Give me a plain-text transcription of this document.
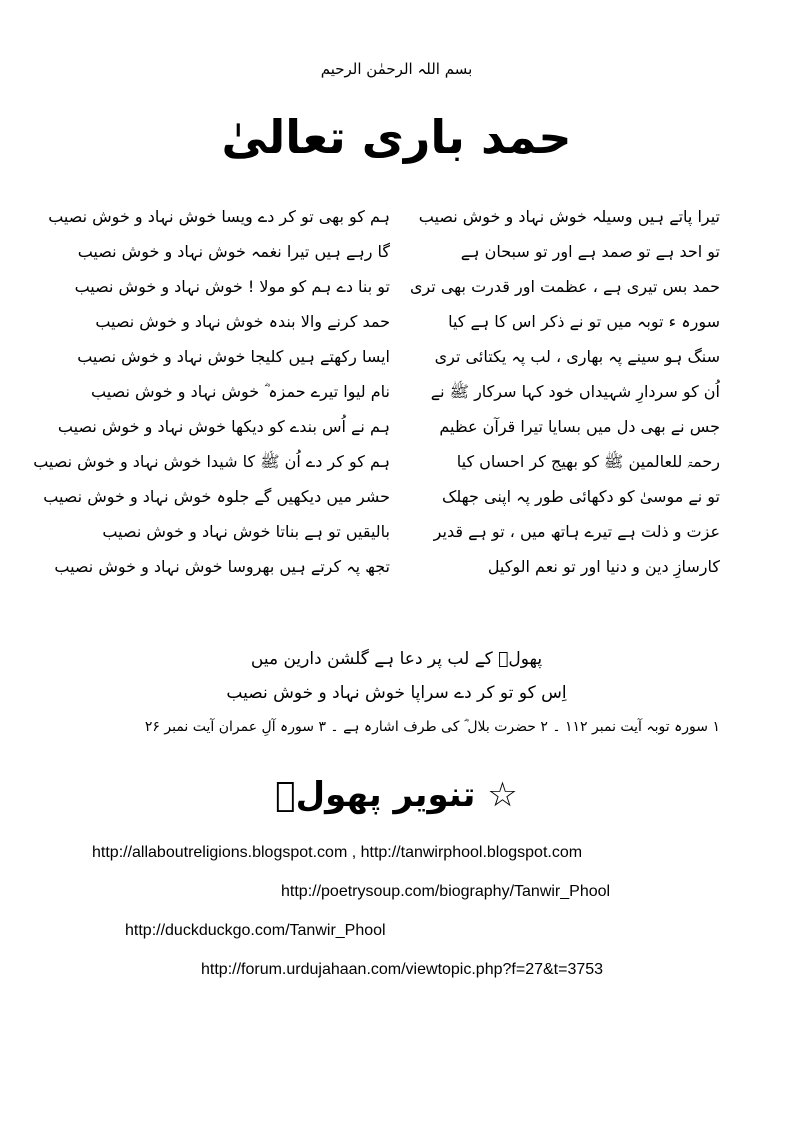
بسم اللہ الرحمٰن الرحیم
حمد باری تعالیٰ
تیرا پاتے ہیں وسیلہ خوش نہاد و خوش نصیب
ہم کو بھی تو کر دے ویسا خوش نہاد و خوش نصیب
تو احد ہے تو صمد ہے اور تو سبحان ہے
گا رہے ہیں تیرا نغمہ خوش نہاد و خوش نصیب
حمد بس تیری ہے ، عظمت اور قدرت بھی تری
تو بنا دے ہم کو مولا ! خوش نہاد و خوش نصیب
سورہ ء توبہ میں تو نے ذکر اس کا ہے کیا
حمد کرنے والا بندہ خوش نہاد و خوش نصیب
سنگ ہو سینے پہ بھاری ، لب پہ یکتائی تری
ایسا رکھتے ہیں کلیجا خوش نہاد و خوش نصیب
اُن کو سردارِ شہیداں خود کہا سرکار ﷺ نے
نام لیوا تیرے حمزہ ؓ خوش نہاد و خوش نصیب
جس نے بھی دل میں بسایا تیرا قرآن عظیم
ہم نے اُس بندے کو دیکھا خوش نہاد و خوش نصیب
رحمۃ للعالمین ﷺ کو بھیج کر احساں کیا
ہم کو کر دے اُن ﷺ کا شیدا خوش نہاد و خوش نصیب
تو نے موسیٰ کو دکھائی طور پہ اپنی جھلک
حشر میں دیکھیں گے جلوہ خوش نہاد و خوش نصیب
عزت و ذلت ہے تیرے ہاتھ میں ، تو ہے قدیر
بالیقیں تو ہے بناتا خوش نہاد و خوش نصیب
کارسازِ دین و دنیا اور تو نعم الوکیل
تجھ پہ کرتے ہیں بھروسا خوش نہاد و خوش نصیب
پھولؔ کے لب پر دعا ہے گلشن دارین میں
اِس کو تو کر دے سراپا خوش نہاد و خوش نصیب
۱ سورہ توبہ آیت نمبر ۱۱۲ ۔ ۲ حضرت بلال ؓ کی طرف اشارہ ہے ۔ ۳ سورہ آلِ عمران آیت نمبر ۲۶
☆ تنویر پھولؔ
http://allaboutreligions.blogspot.com , http://tanwirphool.blogspot.com
http://poetrysoup.com/biography/Tanwir_Phool
http://duckduckgo.com/Tanwir_Phool
http://forum.urdujahaan.com/viewtopic.php?f=27&t=3753
